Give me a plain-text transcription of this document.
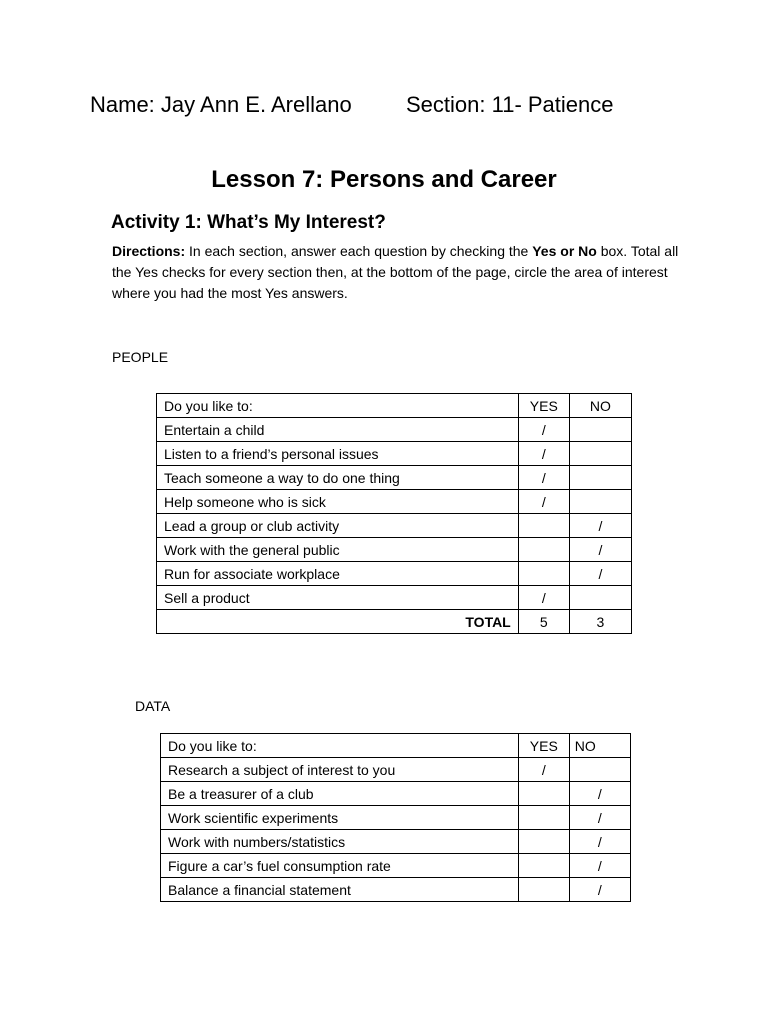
Name: Jay Ann E. Arellano Section: 11- Patience
Lesson 7: Persons and Career
Activity 1: What’s My Interest?
Directions: In each section, answer each question by checking the Yes or No box. Total all the Yes checks for every section then, at the bottom of the page, circle the area of interest where you had the most Yes answers.
PEOPLE
Do you like to:	YES	NO
Entertain a child	/	
Listen to a friend’s personal issues	/	
Teach someone a way to do one thing	/	
Help someone who is sick	/	
Lead a group or club activity		/
Work with the general public		/
Run for associate workplace		/
Sell a product	/	
TOTAL	5	3
DATA
Do you like to:	YES	NO
Research a subject of interest to you	/	
Be a treasurer of a club		/
Work scientific experiments		/
Work with numbers/statistics		/
Figure a car’s fuel consumption rate		/
Balance a financial statement		/
